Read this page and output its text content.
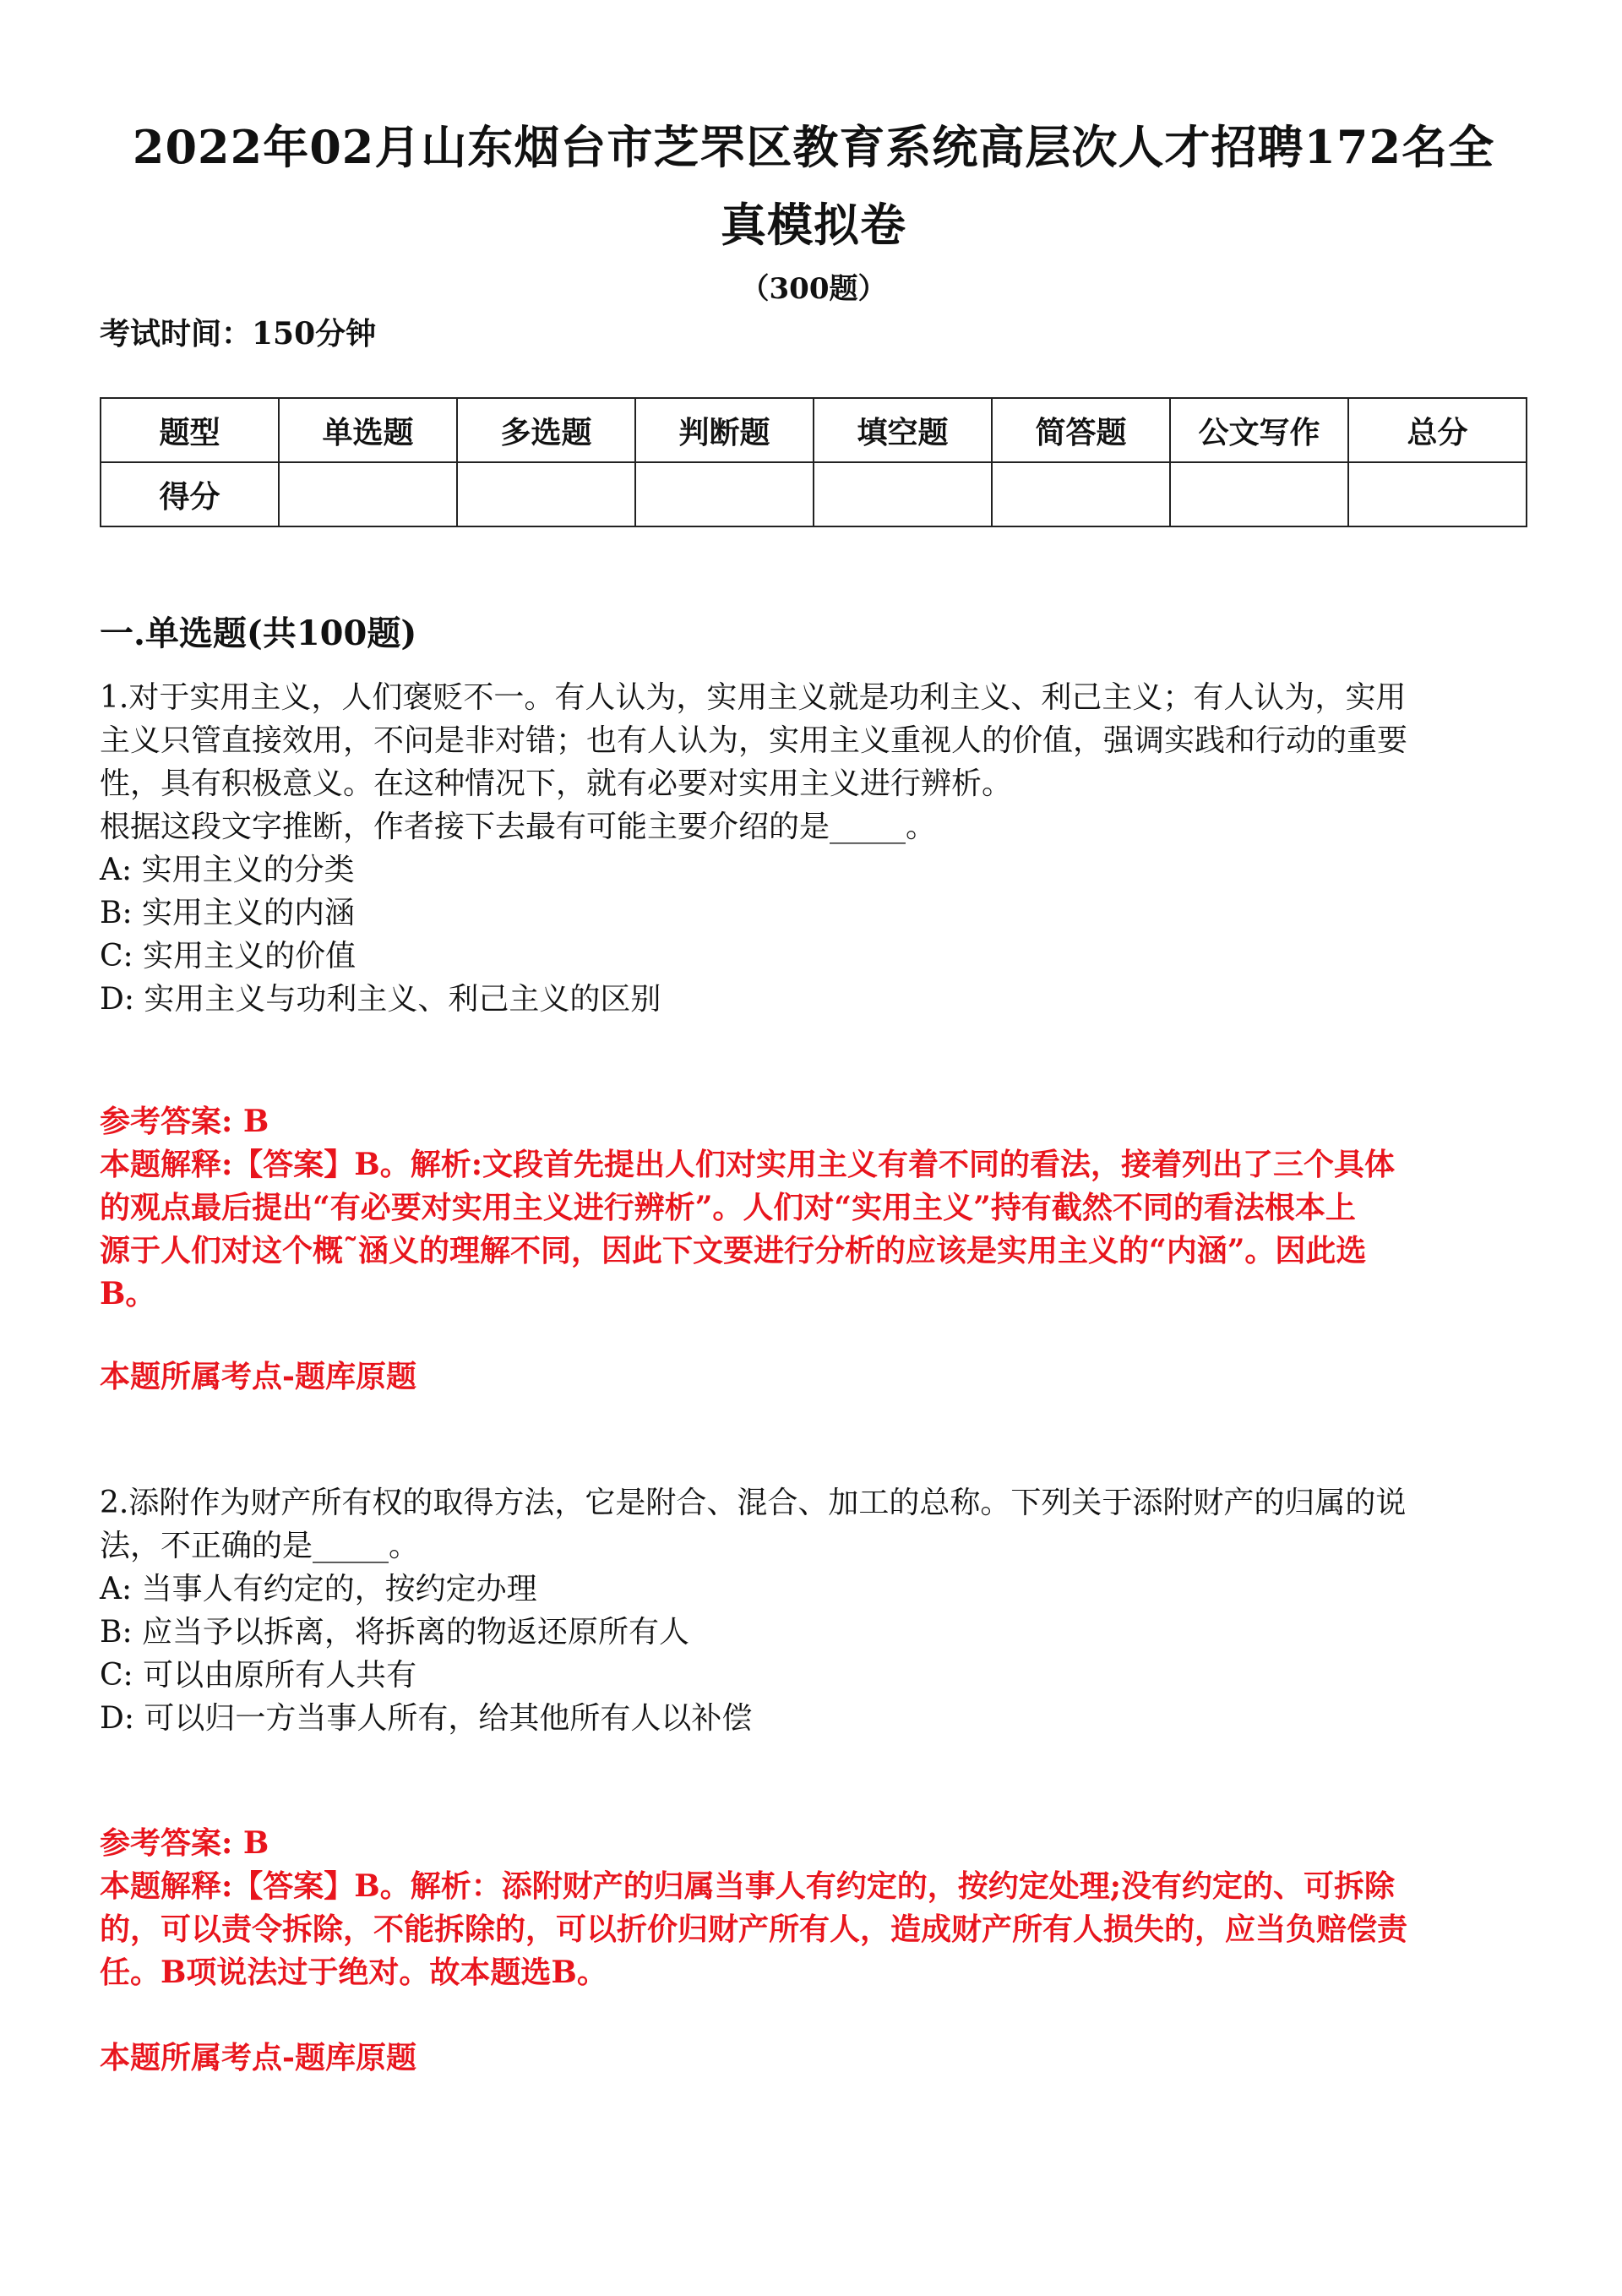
2022年02月山东烟台市芝罘区教育系统高层次人才招聘172名全
真模拟卷
（300题）
考试时间：150分钟
题型	单选题	多选题	判断题	填空题	简答题	公文写作	总分
得分							
一.单选题(共100题)

1.对于实用主义，人们褒贬不一。有人认为，实用主义就是功利主义、利己主义；有人认为，实用

主义只管直接效用，不问是非对错；也有人认为，实用主义重视人的价值，强调实践和行动的重要

性，具有积极意义。在这种情况下，就有必要对实用主义进行辨析。

根据这段文字推断，作者接下去最有可能主要介绍的是_____。

A: 实用主义的分类

B: 实用主义的内涵

C: 实用主义的价值

D: 实用主义与功利主义、利己主义的区别

参考答案: B

本题解释:【答案】B。解析:文段首先提出人们对实用主义有着不同的看法，接着列出了三个具体

的观点最后提出“有必要对实用主义进行辨析”。人们对“实用主义”持有截然不同的看法根本上

源于人们对这个概˜涵义的理解不同，因此下文要进行分析的应该是实用主义的“内涵”。因此选

B。

本题所属考点-题库原题

2.添附作为财产所有权的取得方法，它是附合、混合、加工的总称。下列关于添附财产的归属的说

法，不正确的是_____。

A: 当事人有约定的，按约定办理

B: 应当予以拆离，将拆离的物返还原所有人

C: 可以由原所有人共有

D: 可以归一方当事人所有，给其他所有人以补偿

参考答案: B

本题解释:【答案】B。解析：添附财产的归属当事人有约定的，按约定处理;没有约定的、可拆除

的，可以责令拆除，不能拆除的，可以折价归财产所有人，造成财产所有人损失的，应当负赔偿责

任。B项说法过于绝对。故本题选B。

本题所属考点-题库原题
